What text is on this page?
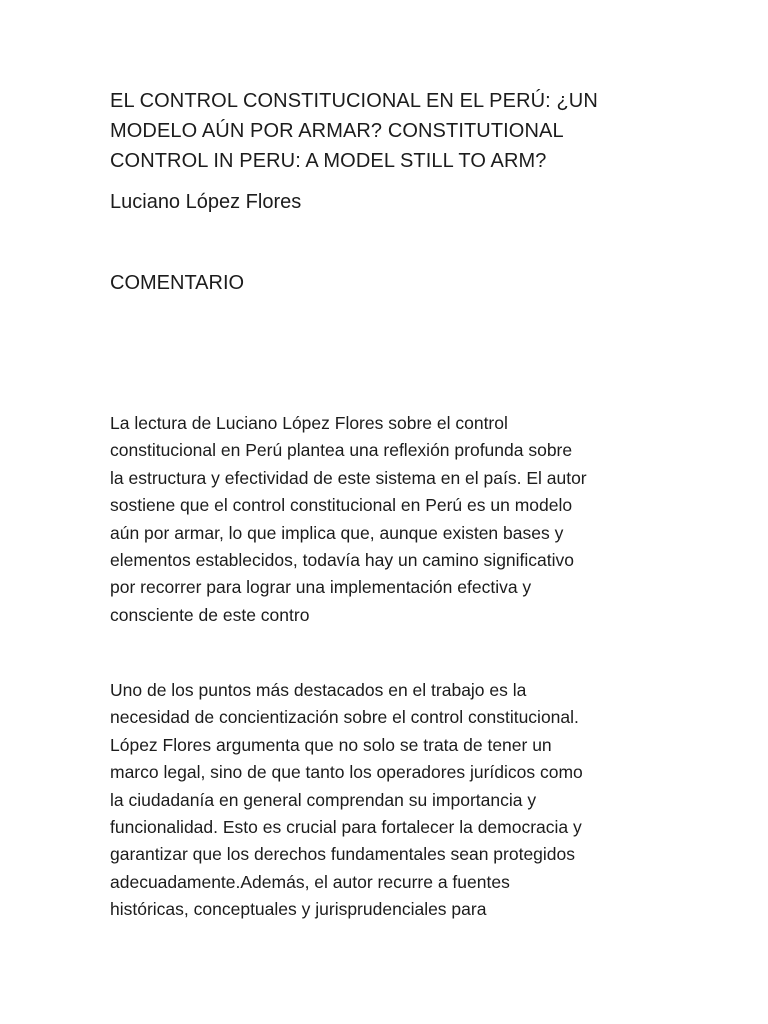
EL CONTROL CONSTITUCIONAL EN EL PERÚ: ¿UN
MODELO AÚN POR ARMAR? CONSTITUTIONAL
CONTROL IN PERU: A MODEL STILL TO ARM?

Luciano López Flores

COMENTARIO

La lectura de Luciano López Flores sobre el control
constitucional en Perú plantea una reflexión profunda sobre
la estructura y efectividad de este sistema en el país. El autor
sostiene que el control constitucional en Perú es un modelo
aún por armar, lo que implica que, aunque existen bases y
elementos establecidos, todavía hay un camino significativo
por recorrer para lograr una implementación efectiva y
consciente de este contro

Uno de los puntos más destacados en el trabajo es la
necesidad de concientización sobre el control constitucional.
López Flores argumenta que no solo se trata de tener un
marco legal, sino de que tanto los operadores jurídicos como
la ciudadanía en general comprendan su importancia y
funcionalidad. Esto es crucial para fortalecer la democracia y
garantizar que los derechos fundamentales sean protegidos
adecuadamente.Además, el autor recurre a fuentes
históricas, conceptuales y jurisprudenciales para
